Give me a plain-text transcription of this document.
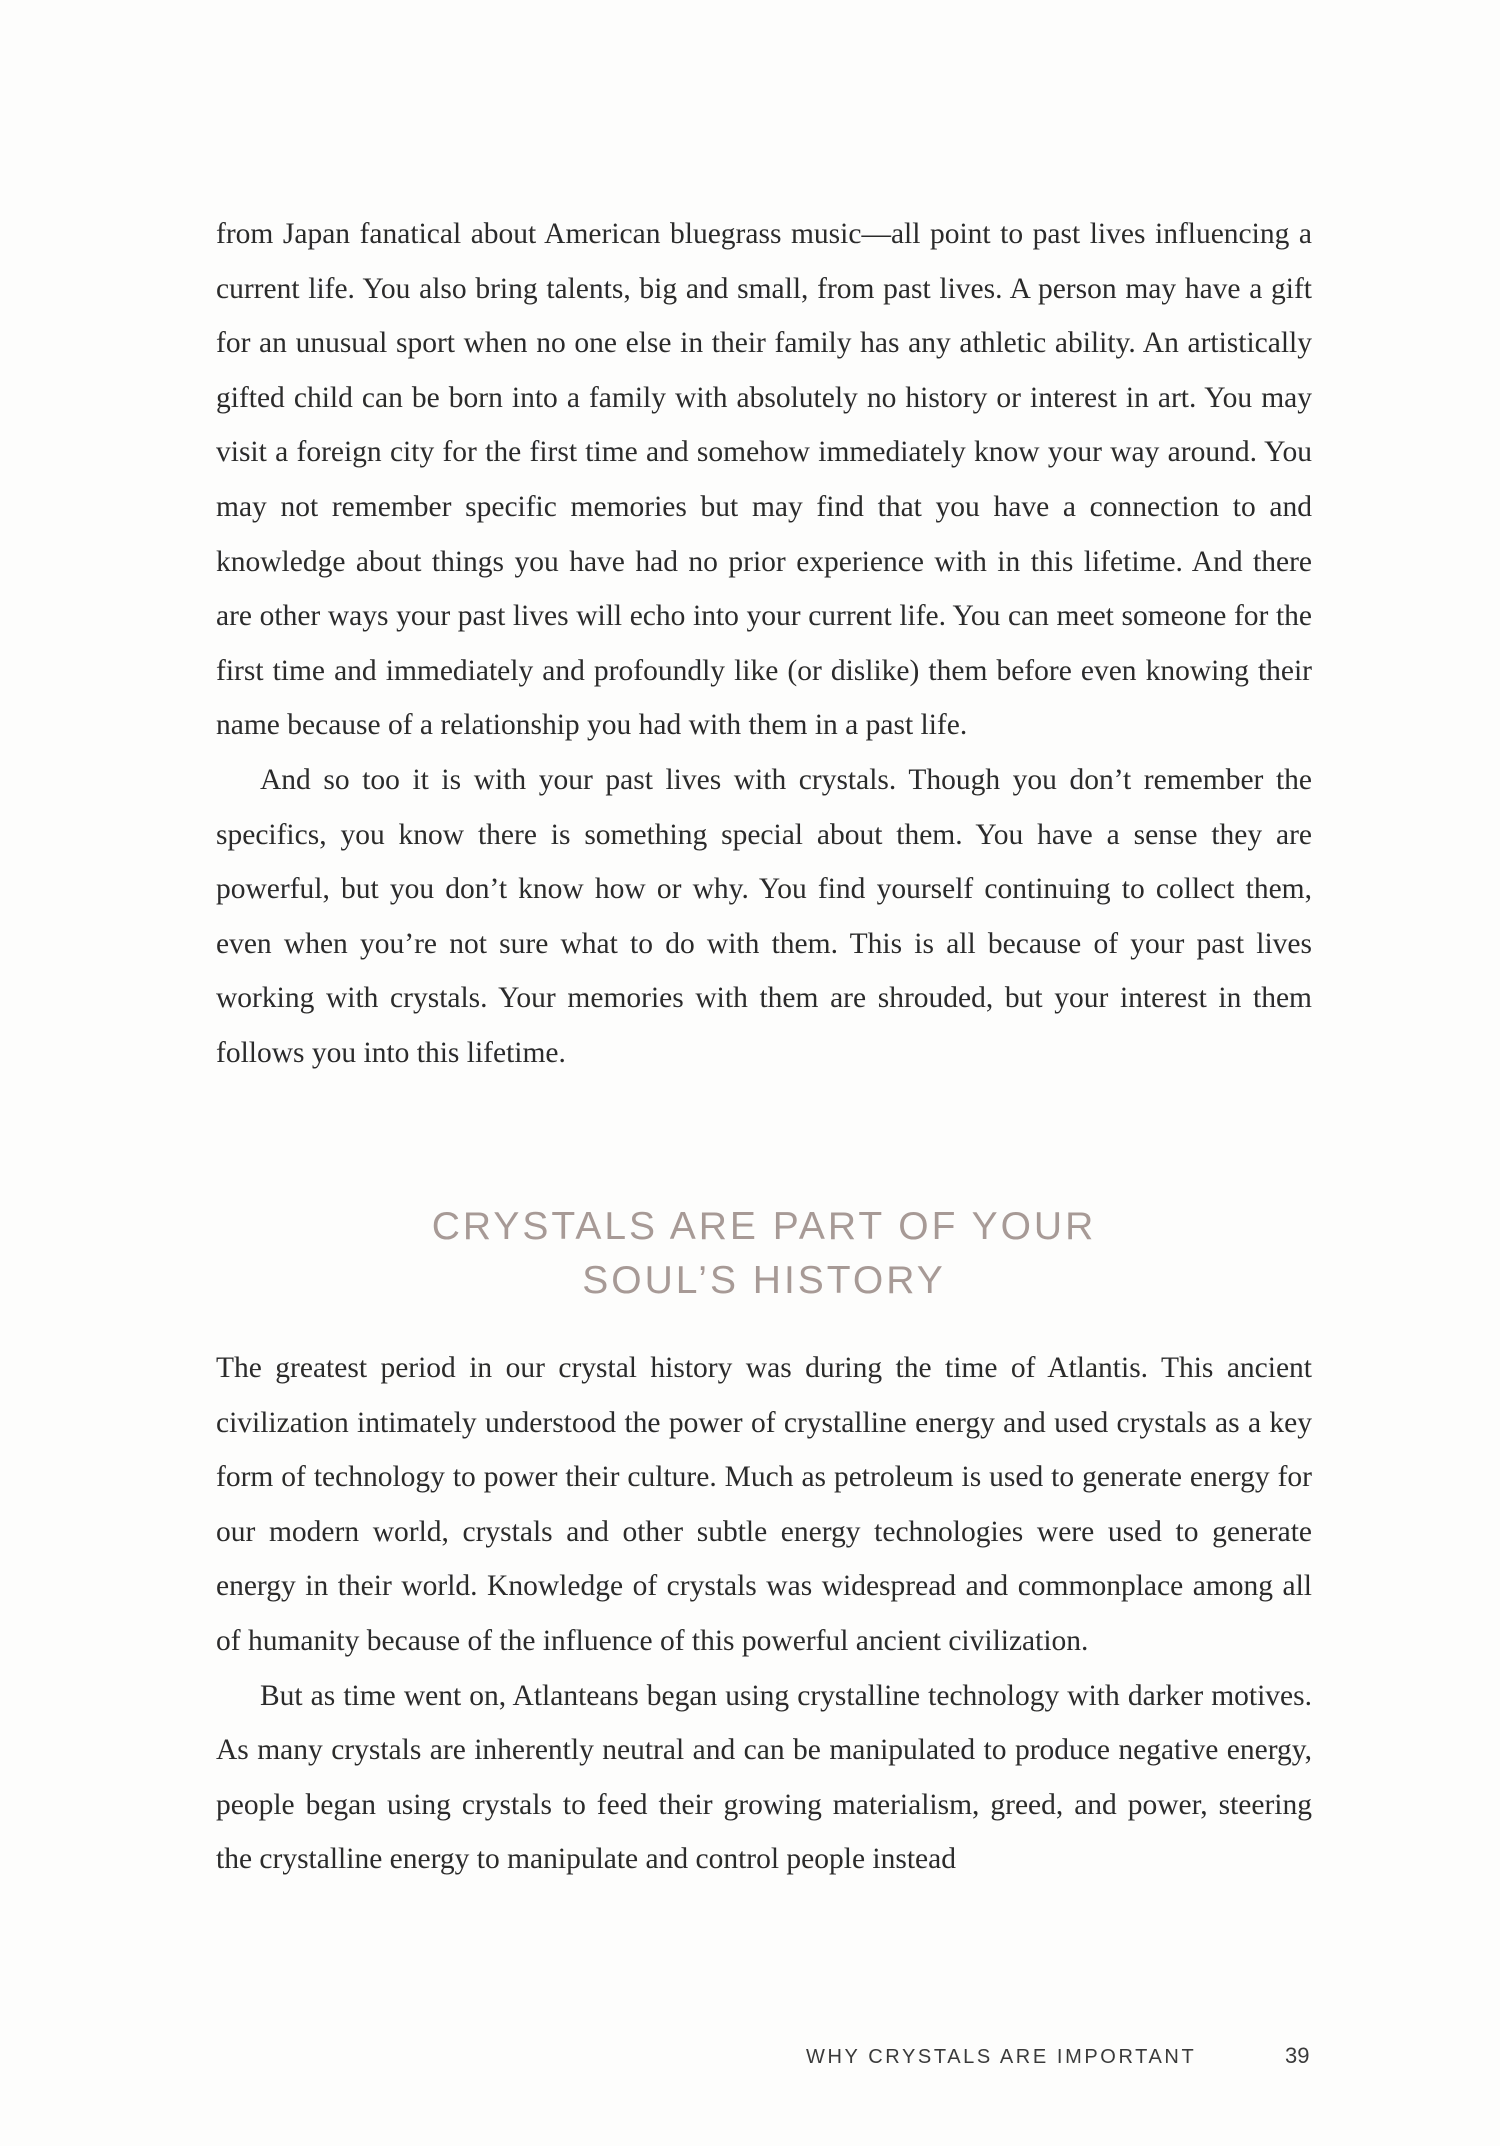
from Japan fanatical about American bluegrass music—all point to past lives influencing a current life. You also bring talents, big and small, from past lives. A person may have a gift for an unusual sport when no one else in their family has any athletic ability. An artistically gifted child can be born into a family with absolutely no history or interest in art. You may visit a foreign city for the first time and somehow immediately know your way around. You may not remember specific memories but may find that you have a connection to and knowledge about things you have had no prior experience with in this lifetime. And there are other ways your past lives will echo into your current life. You can meet someone for the first time and immediately and profoundly like (or dislike) them before even knowing their name because of a relationship you had with them in a past life.

And so too it is with your past lives with crystals. Though you don’t remember the specifics, you know there is something special about them. You have a sense they are powerful, but you don’t know how or why. You find yourself continuing to collect them, even when you’re not sure what to do with them. This is all because of your past lives working with crystals. Your memories with them are shrouded, but your interest in them follows you into this lifetime.

CRYSTALS ARE PART OF YOUR
SOUL’S HISTORY

The greatest period in our crystal history was during the time of Atlantis. This ancient civilization intimately understood the power of crystalline energy and used crystals as a key form of technology to power their culture. Much as petroleum is used to generate energy for our modern world, crystals and other subtle energy technologies were used to generate energy in their world. Knowledge of crystals was widespread and commonplace among all of humanity because of the influence of this powerful ancient civilization.

But as time went on, Atlanteans began using crystalline technology with darker motives. As many crystals are inherently neutral and can be manipulated to produce negative energy, people began using crystals to feed their growing materialism, greed, and power, steering the crystalline energy to manipulate and control people instead

WHY CRYSTALS ARE IMPORTANT	39
